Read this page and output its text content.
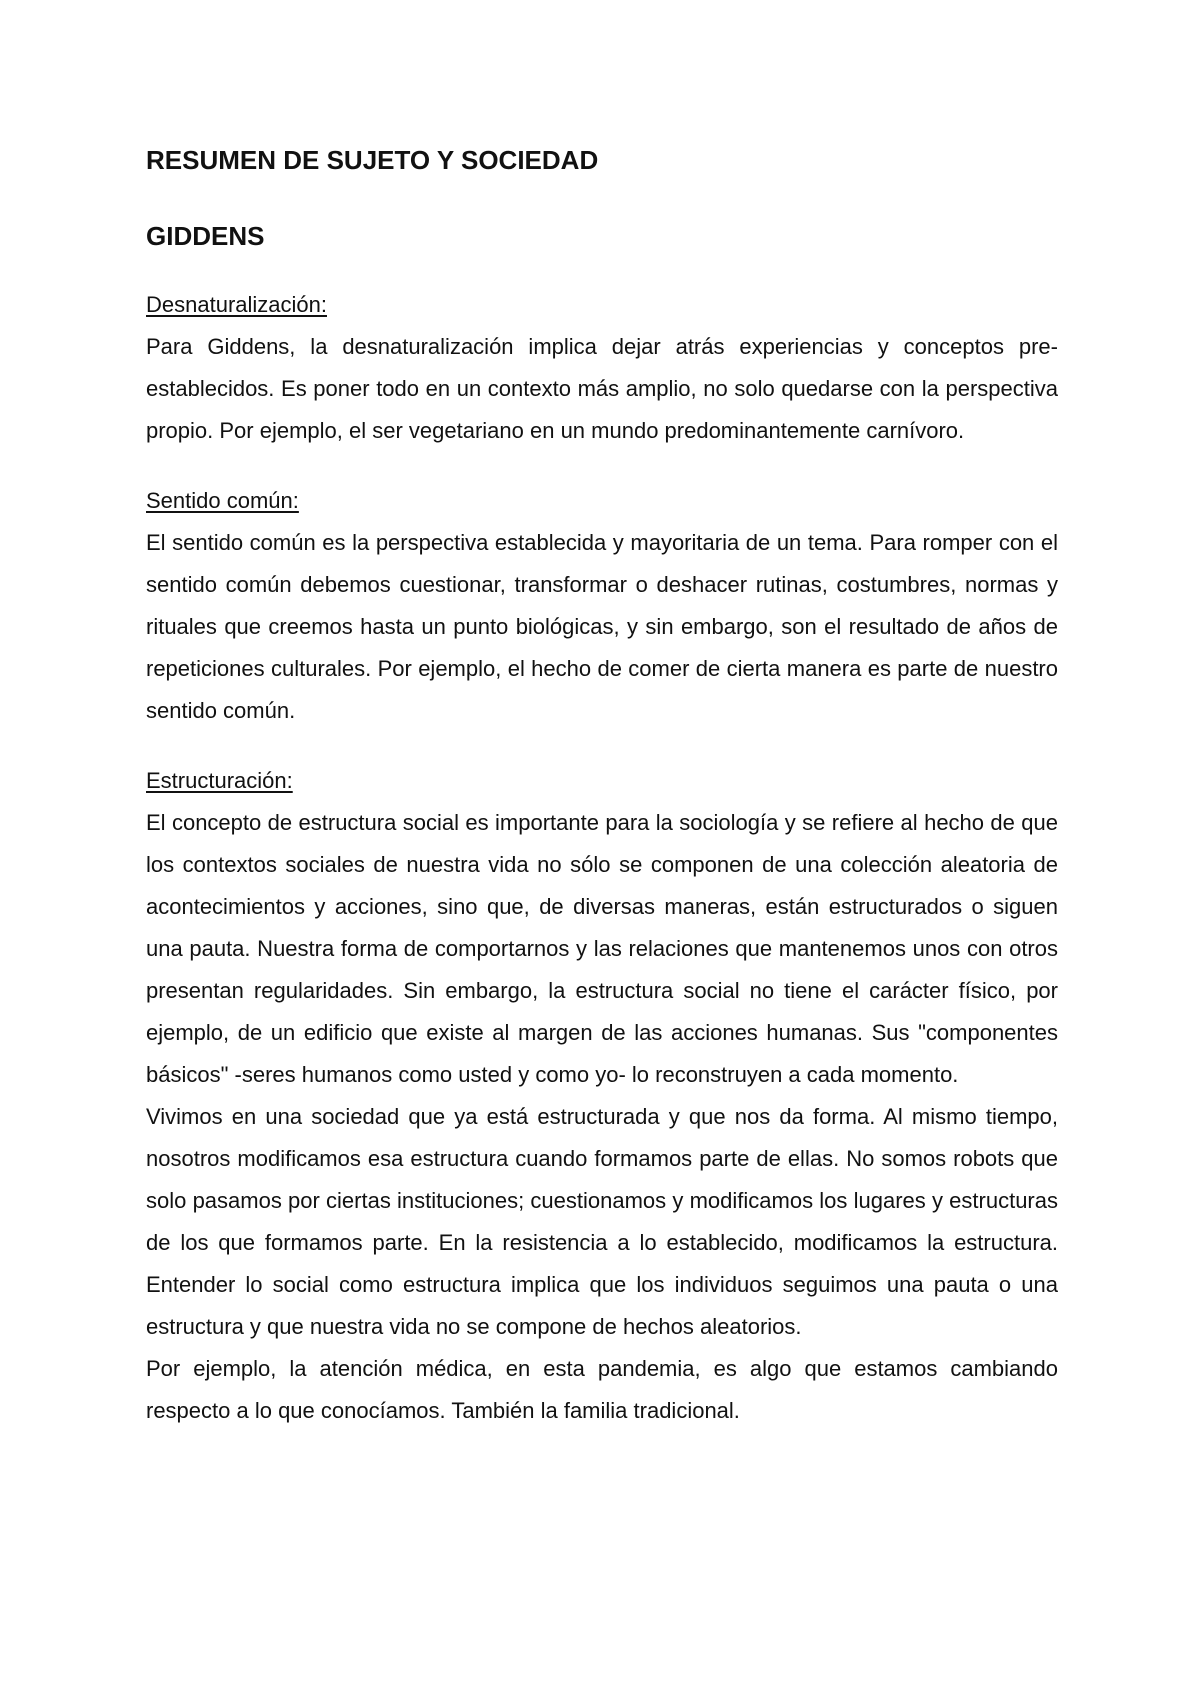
RESUMEN DE SUJETO Y SOCIEDAD
GIDDENS

Desnaturalización:

Para Giddens, la desnaturalización implica dejar atrás experiencias y conceptos pre-establecidos. Es poner todo en un contexto más amplio, no solo quedarse con la perspectiva propio. Por ejemplo, el ser vegetariano en un mundo predominantemente carnívoro.

Sentido común:

El sentido común es la perspectiva establecida y mayoritaria de un tema. Para romper con el sentido común debemos cuestionar, transformar o deshacer rutinas, costumbres, normas y rituales que creemos hasta un punto biológicas, y sin embargo, son el resultado de años de repeticiones culturales. Por ejemplo, el hecho de comer de cierta manera es parte de nuestro sentido común.

Estructuración:

El concepto de estructura social es importante para la sociología y se refiere al hecho de que los contextos sociales de nuestra vida no sólo se componen de una colección aleatoria de acontecimientos y acciones, sino que, de diversas maneras, están estructurados o siguen una pauta. Nuestra forma de comportarnos y las relaciones que mantenemos unos con otros presentan regularidades. Sin embargo, la estructura social no tiene el carácter físico, por ejemplo, de un edificio que existe al margen de las acciones humanas. Sus "componentes básicos" -seres humanos como usted y como yo- lo reconstruyen a cada momento.

Vivimos en una sociedad que ya está estructurada y que nos da forma. Al mismo tiempo, nosotros modificamos esa estructura cuando formamos parte de ellas. No somos robots que solo pasamos por ciertas instituciones; cuestionamos y modificamos los lugares y estructuras de los que formamos parte. En la resistencia a lo establecido, modificamos la estructura. Entender lo social como estructura implica que los individuos seguimos una pauta o una estructura y que nuestra vida no se compone de hechos aleatorios.

Por ejemplo, la atención médica, en esta pandemia, es algo que estamos cambiando respecto a lo que conocíamos. También la familia tradicional.
